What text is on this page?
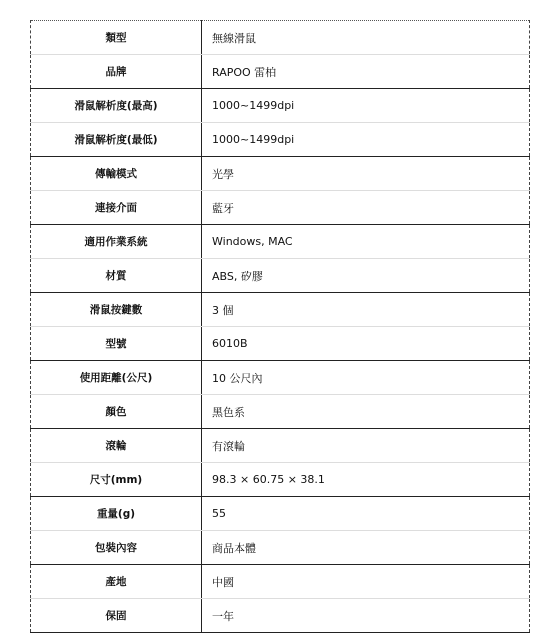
類型	無線滑鼠
品牌	RAPOO 雷柏
滑鼠解析度(最高)	1000~1499dpi
滑鼠解析度(最低)	1000~1499dpi
傳輸模式	光學
連接介面	藍牙
適用作業系統	Windows, MAC
材質	ABS, 矽膠
滑鼠按鍵數	3 個
型號	6010B
使用距離(公尺)	10 公尺內
顏色	黑色系
滾輪	有滾輪
尺寸(mm)	98.3 × 60.75 × 38.1
重量(g)	55
包裝內容	商品本體
產地	中國
保固	一年
